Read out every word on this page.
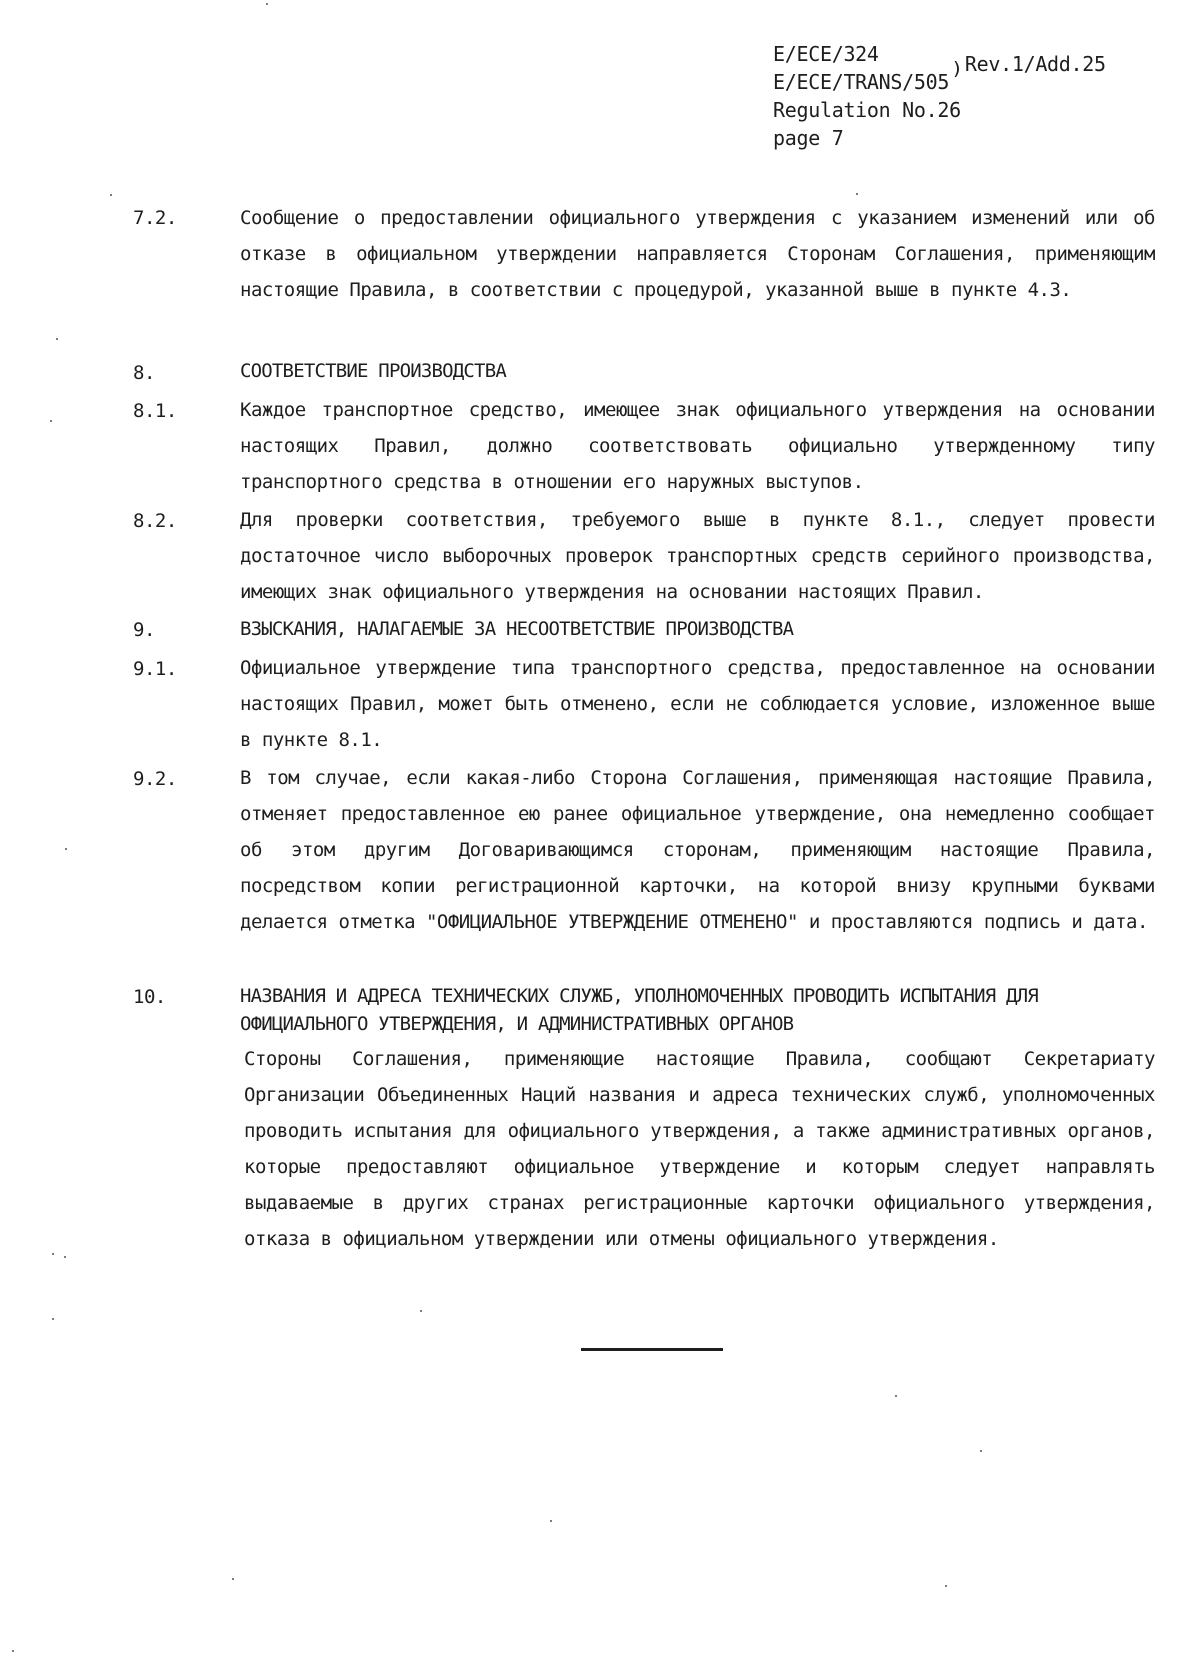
E/ECE/324
E/ECE/TRANS/505
) Rev.1/Add.25
Regulation No.26
page 7
7.2.	Сообщение о предоставлении официального утверждения с указанием изменений или об отказе в официальном утверждении направляется Сторонам Соглашения, применяющим настоящие Правила, в соответствии с процедурой, указанной выше в пункте 4.3.
8.	СООТВЕТСТВИЕ ПРОИЗВОДСТВА
8.1.	Каждое транспортное средство, имеющее знак официального утверждения на основании настоящих Правил, должно соответствовать официально утвержденному типу транспортного средства в отношении его наружных выступов.
8.2.	Для проверки соответствия, требуемого выше в пункте 8.1., следует провести достаточное число выборочных проверок транспортных средств серийного производства, имеющих знак официального утверждения на основании настоящих Правил.
9.	ВЗЫСКАНИЯ, НАЛАГАЕМЫЕ ЗА НЕСООТВЕТСТВИЕ ПРОИЗВОДСТВА
9.1.	Официальное утверждение типа транспортного средства, предоставленное на основании настоящих Правил, может быть отменено, если не соблюдается условие, изложенное выше в пункте 8.1.
9.2.	В том случае, если какая-либо Сторона Соглашения, применяющая настоящие Правила, отменяет предоставленное ею ранее официальное утверждение, она немедленно сообщает об этом другим Договаривающимся сторонам, применяющим настоящие Правила, посредством копии регистрационной карточки, на которой внизу крупными буквами делается отметка "ОФИЦИАЛЬНОЕ УТВЕРЖДЕНИЕ ОТМЕНЕНО" и проставляются подпись и дата.
10.	НАЗВАНИЯ И АДРЕСА ТЕХНИЧЕСКИХ СЛУЖБ, УПОЛНОМОЧЕННЫХ ПРОВОДИТЬ ИСПЫТАНИЯ ДЛЯ ОФИЦИАЛЬНОГО УТВЕРЖДЕНИЯ, И АДМИНИСТРАТИВНЫХ ОРГАНОВ
Стороны Соглашения, применяющие настоящие Правила, сообщают Секретариату Организации Объединенных Наций названия и адреса технических служб, уполномоченных проводить испытания для официального утверждения, а также административных органов, которые предоставляют официальное утверждение и которым следует направлять выдаваемые в других странах регистрационные карточки официального утверждения, отказа в официальном утверждении или отмены официального утверждения.
